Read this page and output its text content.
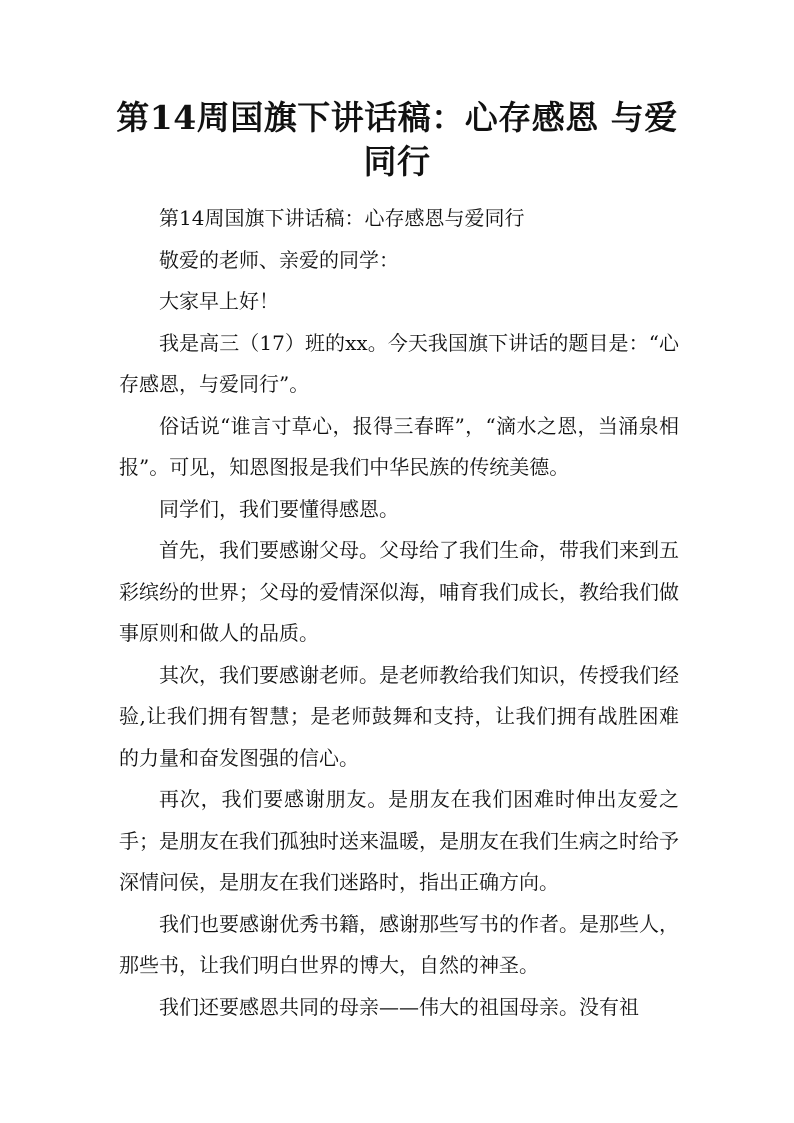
第14周国旗下讲话稿：心存感恩 与爱同行

第14周国旗下讲话稿：心存感恩与爱同行

敬爱的老师、亲爱的同学：

大家早上好！

我是高三（17）班的xx。今天我国旗下讲话的题目是：“心存感恩，与爱同行”。

俗话说“谁言寸草心，报得三春晖”，“滴水之恩，当涌泉相报”。可见，知恩图报是我们中华民族的传统美德。

同学们，我们要懂得感恩。

首先，我们要感谢父母。父母给了我们生命，带我们来到五彩缤纷的世界；父母的爱情深似海，哺育我们成长，教给我们做事原则和做人的品质。

其次，我们要感谢老师。是老师教给我们知识，传授我们经验,让我们拥有智慧；是老师鼓舞和支持，让我们拥有战胜困难的力量和奋发图强的信心。

再次，我们要感谢朋友。是朋友在我们困难时伸出友爱之手；是朋友在我们孤独时送来温暖，是朋友在我们生病之时给予深情问侯，是朋友在我们迷路时，指出正确方向。

我们也要感谢优秀书籍，感谢那些写书的作者。是那些人，那些书，让我们明白世界的博大，自然的神圣。

我们还要感恩共同的母亲——伟大的祖国母亲。没有祖
